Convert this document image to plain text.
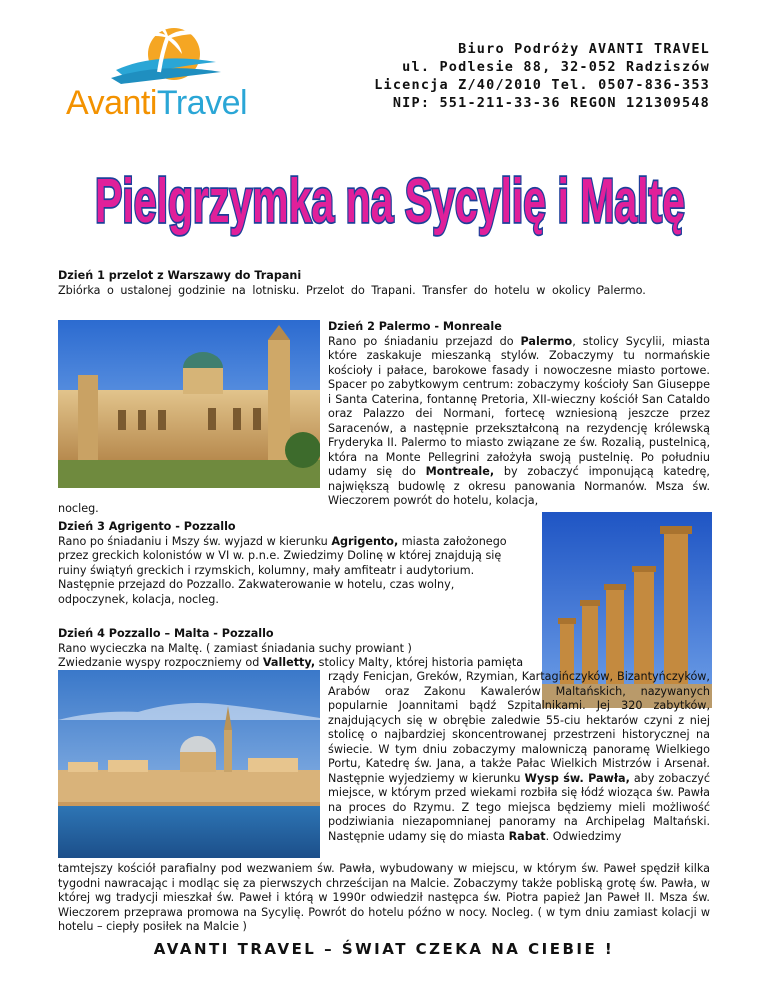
AvantiTravel
Biuro Podróży AVANTI TRAVEL
ul. Podlesie 88, 32-052 Radziszów
Licencja Z/40/2010 Tel. 0507-836-353
NIP: 551-211-33-36 REGON 121309548
Pielgrzymka na Sycylię i Maltę
Dzień 1 przelot z Warszawy do Trapani
Zbiórka o ustalonej godzinie na lotnisku. Przelot do Trapani. Transfer do hotelu w okolicy Palermo.
Dzień 2 Palermo - Monreale
Rano po śniadaniu przejazd do Palermo, stolicy Sycylii, miasta które zaskakuje mieszanką stylów. Zobaczymy tu normańskie kościoły i pałace, barokowe fasady i nowoczesne miasto portowe. Spacer po zabytkowym centrum: zobaczymy kościoły San Giuseppe i Santa Caterina, fontannę Pretoria, XII-wieczny kościół San Cataldo oraz Palazzo dei Normani, fortecę wzniesioną jeszcze przez Saracenów, a następnie przekształconą na rezydencję królewską Fryderyka II. Palermo to miasto związane ze św. Rozalią, pustelnicą, która na Monte Pellegrini założyła swoją pustelnię. Po południu udamy się do Montreale, by zobaczyć imponującą katedrę, największą budowlę z okresu panowania Normanów. Msza św. Wieczorem powrót do hotelu, kolacja,
nocleg.
Dzień 3 Agrigento - Pozzallo
Rano po śniadaniu i Mszy św. wyjazd w kierunku Agrigento, miasta założonego przez greckich kolonistów w VI w. p.n.e. Zwiedzimy Dolinę w której znajdują się ruiny świątyń greckich i rzymskich, kolumny, mały amfiteatr i audytorium. Następnie przejazd do Pozzallo. Zakwaterowanie w hotelu, czas wolny, odpoczynek, kolacja, nocleg.
Dzień 4 Pozzallo – Malta - Pozzallo
Rano wycieczka na Maltę. ( zamiast śniadania suchy prowiant )
Zwiedzanie wyspy rozpoczniemy od Valletty, stolicy Malty, której historia pamięta
rządy Fenicjan, Greków, Rzymian, Kartagińczyków, Bizantyńczyków, Arabów oraz Zakonu Kawalerów Maltańskich, nazywanych popularnie Joannitami bądź Szpitalnikami. Jej 320 zabytków, znajdujących się w obrębie zaledwie 55-ciu hektarów czyni z niej stolicę o najbardziej skoncentrowanej przestrzeni historycznej na świecie. W tym dniu zobaczymy malowniczą panoramę Wielkiego Portu, Katedrę św. Jana, a także Pałac Wielkich Mistrzów i Arsenał. Następnie wyjedziemy w kierunku Wysp św. Pawła, aby zobaczyć miejsce, w którym przed wiekami rozbiła się łódź wioząca św. Pawła na proces do Rzymu. Z tego miejsca będziemy mieli możliwość podziwiania niezapomnianej panoramy na Archipelag Maltański. Następnie udamy się do miasta Rabat. Odwiedzimy
tamtejszy kościół parafialny pod wezwaniem św. Pawła, wybudowany w miejscu, w którym św. Paweł spędził kilka tygodni nawracając i modląc się za pierwszych chrześcijan na Malcie. Zobaczymy także pobliską grotę św. Pawła, w której wg tradycji mieszkał św. Paweł i którą w 1990r odwiedził następca św. Piotra papież Jan Paweł II. Msza św. Wieczorem przeprawa promowa na Sycylię. Powrót do hotelu późno w nocy. Nocleg. ( w tym dniu zamiast kolacji w hotelu – ciepły posiłek na Malcie )
AVANTI TRAVEL – ŚWIAT CZEKA NA CIEBIE !
